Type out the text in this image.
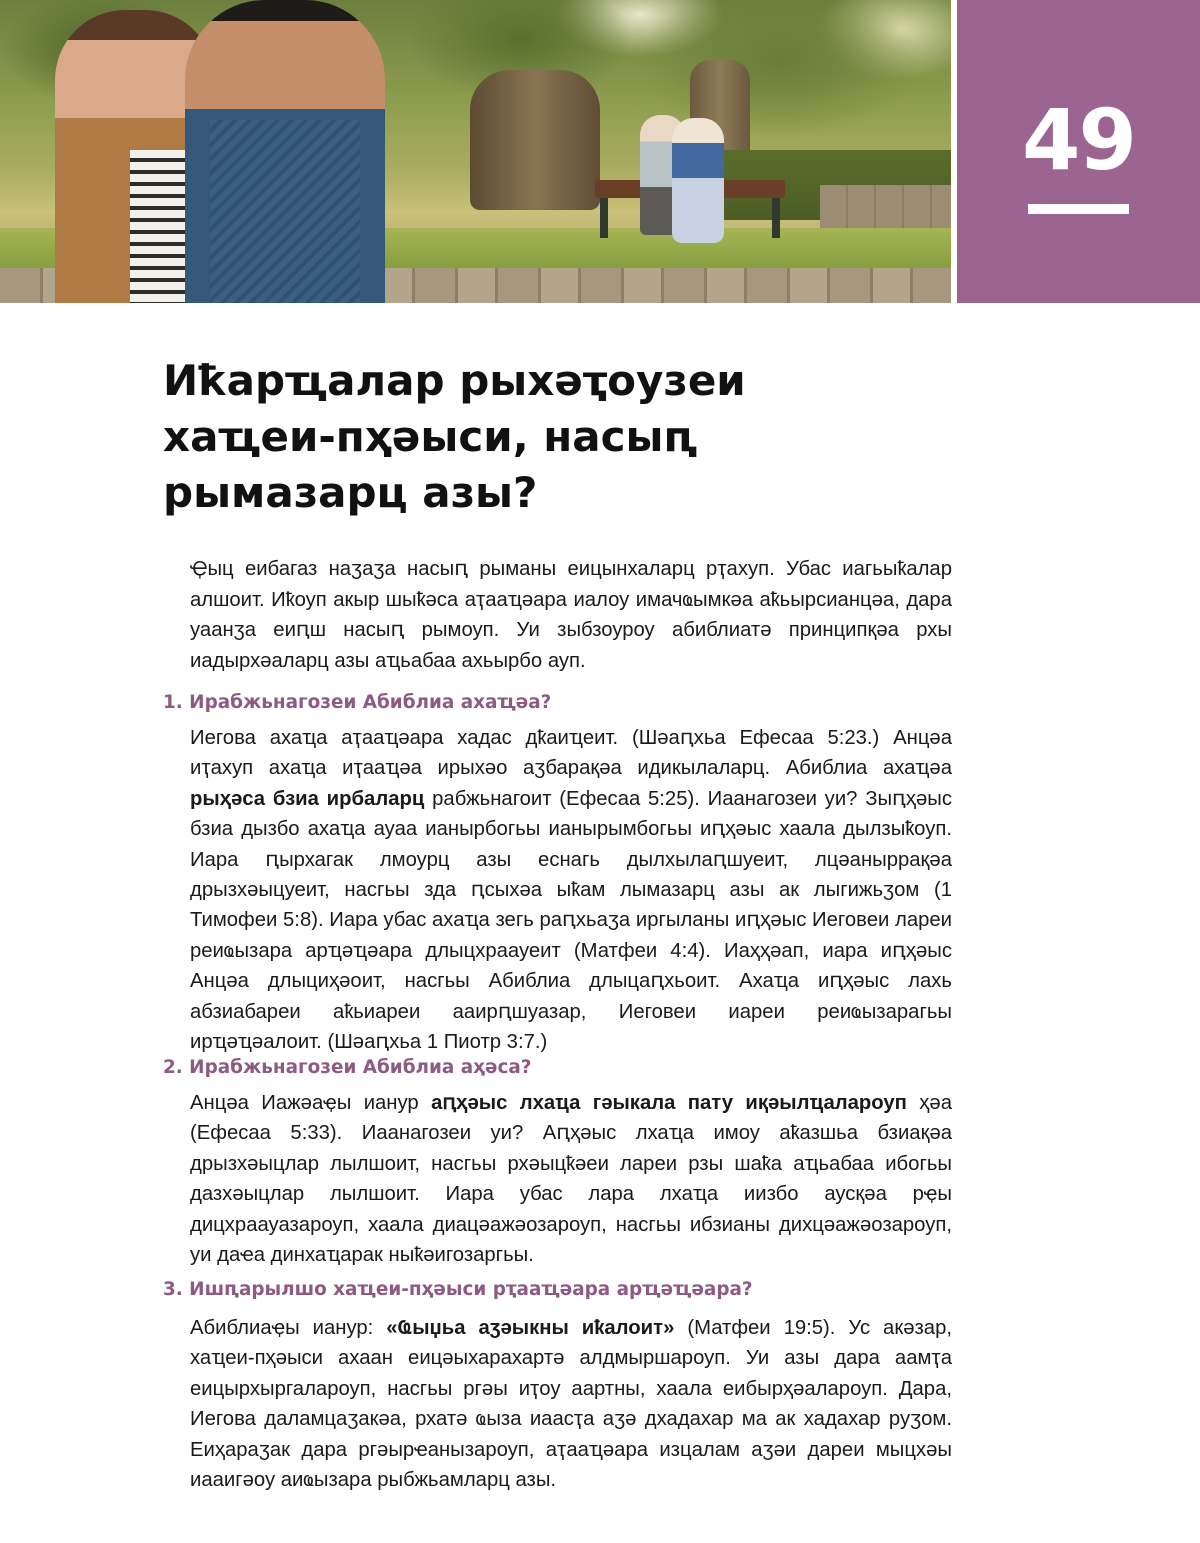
49
Иҟарҵалар рыхәҭоузеи хаҵеи-пҳәыси, насыԥ рымазарц азы?

Ҿыц еибагаз наӡаӡа насыԥ рыманы еицынхаларц рҭахуп. Убас иагьыҟалар алшоит. Иҟоуп акыр шыҟәса аҭааҵәара иалоу имачҩымкәа аҟьырсианцәа, дара уаанӡа еиԥш насыԥ рымоуп. Уи зыбзоуроу абиблиатә принципқәа рхы иадырхәаларц азы аҵьабаа ахьырбо ауп.

1. Ирабжьнагозеи Абиблиа ахаҵәа?

Иегова ахаҵа аҭааҵәара хадас дҟаиҵеит. (Шәаԥхьа Ефесаа 5:23.) Анцәа иҭахуп ахаҵа иҭааҵәа ирыхәо аӡбарақәа идикылаларц. Абиблиа ахаҵәа рыҳәса бзиа ирбаларц рабжьнагоит (Ефесаа 5:25). Иаанагозеи уи? Зыԥҳәыс бзиа дызбо ахаҵа ауаа ианырбогьы ианырымбогьы иԥҳәыс хаала дылзыҟоуп. Иара ԥырхагак лмоурц азы еснагь дылхылаԥшуеит, лцәаныррақәа дрызхәыцуеит, насгьы зда ԥсыхәа ыҟам лымазарц азы ак лыгижьӡом (1 Тимофеи 5:8). Иара убас ахаҵа зегь раԥхьаӡа иргыланы иԥҳәыс Иеговеи лареи реиҩызара арҵәҵәара длыцхраауеит (Матфеи 4:4). Иаҳҳәап, иара иԥҳәыс Анцәа длыциҳәоит, насгьы Абиблиа длыцаԥхьоит. Ахаҵа иԥҳәыс лахь абзиабареи аҟьиареи ааирԥшуазар, Иеговеи иареи реиҩызарагьы ирҵәҵәалоит. (Шәаԥхьа 1 Пиотр 3:7.)

2. Ирабжьнагозеи Абиблиа аҳәса?

Анцәа Иажәаҿы ианур аԥҳәыс лхаҵа гәыкала пату иқәылҵалароуп ҳәа (Ефесаа 5:33). Иаанагозеи уи? Аԥҳәыс лхаҵа имоу аҟазшьа бзиақәа дрызхәыцлар лылшоит, насгьы рхәыцҟәеи лареи рзы шаҟа аҵьабаа ибогьы дазхәыцлар лылшоит. Иара убас лара лхаҵа иизбо аусқәа рҿы дицхраауазароуп, хаала диацәажәозароуп, насгьы ибзианы дихцәажәозароуп, уи даҽа динхаҵарак ныҟәигозаргьы.

3. Ишԥарылшо хаҵеи-пҳәыси рҭааҵәара арҵәҵәара?

Абиблиаҿы ианур: «Ҩыџьа аӡәыкны иҟалоит» (Матфеи 19:5). Ус акәзар, хаҵеи-пҳәыси ахаан еицәыхарахартә алдмыршароуп. Уи азы дара аамҭа еицырхыргалароуп, насгьы ргәы иҭоу аартны, хаала еибырҳәалароуп. Дара, Иегова даламцаӡакәа, рхатә ҩыза иаасҭа аӡә дхадахар ма ак хадахар руӡом. Еиҳараӡак дара ргәырҽанызароуп, аҭааҵәара изцалам аӡәи дареи мыцхәы иааигәоу аиҩызара рыбжьамларц азы.
